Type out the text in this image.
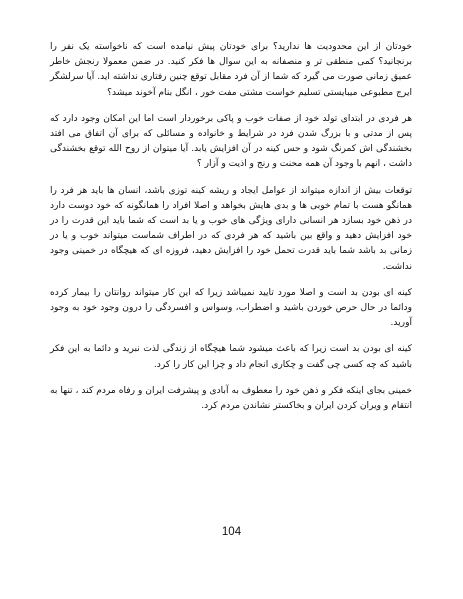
خودتان از این محدودیت ها ندارید؟ برای خودتان پیش نیامده است که ناخواسته یک نفر را برنجانید؟ کمی منطقی تر و منصفانه به این سوال ها فکر کنید. در ضمن معمولا رنجش خاطر عمیق زمانی صورت می گیرد که شما از آن فرد مقابل توقع چنین رفتاری نداشته اید. آیا سرلشگر ایرج مطبوعی میبایستی تسلیم خواست مشتی مفت خور ، انگل بنام آخوند میشد؟

هر فردی در ابتدای تولد خود از صفات خوب و پاکی برخوردار است اما این امکان وجود دارد که پس از مدتی و با بزرگ شدن فرد در شرایط و خانواده و مسائلی که برای آن اتفاق می افتد بخشندگی اش کمرنگ شود و حس کینه در آن افزایش یابد. آیا میتوان از روح الله توقع بخشندگی داشت ، انهم با وجود آن همه محنت و رنج و اذیت و آزار ؟

توقعات بیش از اندازه میتواند از عوامل ایجاد و ریشه کینه توزی باشد، انسان ها باید هر فرد را همانگو هست با تمام خوبی ها و بدی هایش بخواهد و اصلا افراد را همانگونه که خود دوست دارد در ذهن خود بسازد هر انسانی دارای ویژگی های خوب و یا بد است که شما باید این قدرت را در خود افزایش دهید و واقع بین باشید که هر فردی که در اطراف شماست میتواند خوب و یا در زمانی بد باشد شما باید قدرت تحمل خود را افزایش دهید، فروزه ای که هیچگاه در خمینی وجود نداشت.

کینه ای بودن بد است و اصلا مورد تایید نمیباشد زیرا که این کار میتواند روانتان را بیمار کرده ودائما در حال حرص خوردن باشید و اضطراب، وسواس و افسردگی را درون وجود خود به وجود آورید.

کینه ای بودن بد است زیرا که باعث میشود شما هیچگاه از زندگی لذت نبرید و دائما به این فکر باشید که چه کسی چی گفت و چکاری انجام داد و چرا این کار را کرد.

خمینی بجای اینکه فکر و ذهن خود را معطوف به آبادی و پیشرفت ایران و رفاه مردم کند ، تنها به انتقام و ویران کردن ایران و بخاکستر نشاندن مردم کرد.

104
